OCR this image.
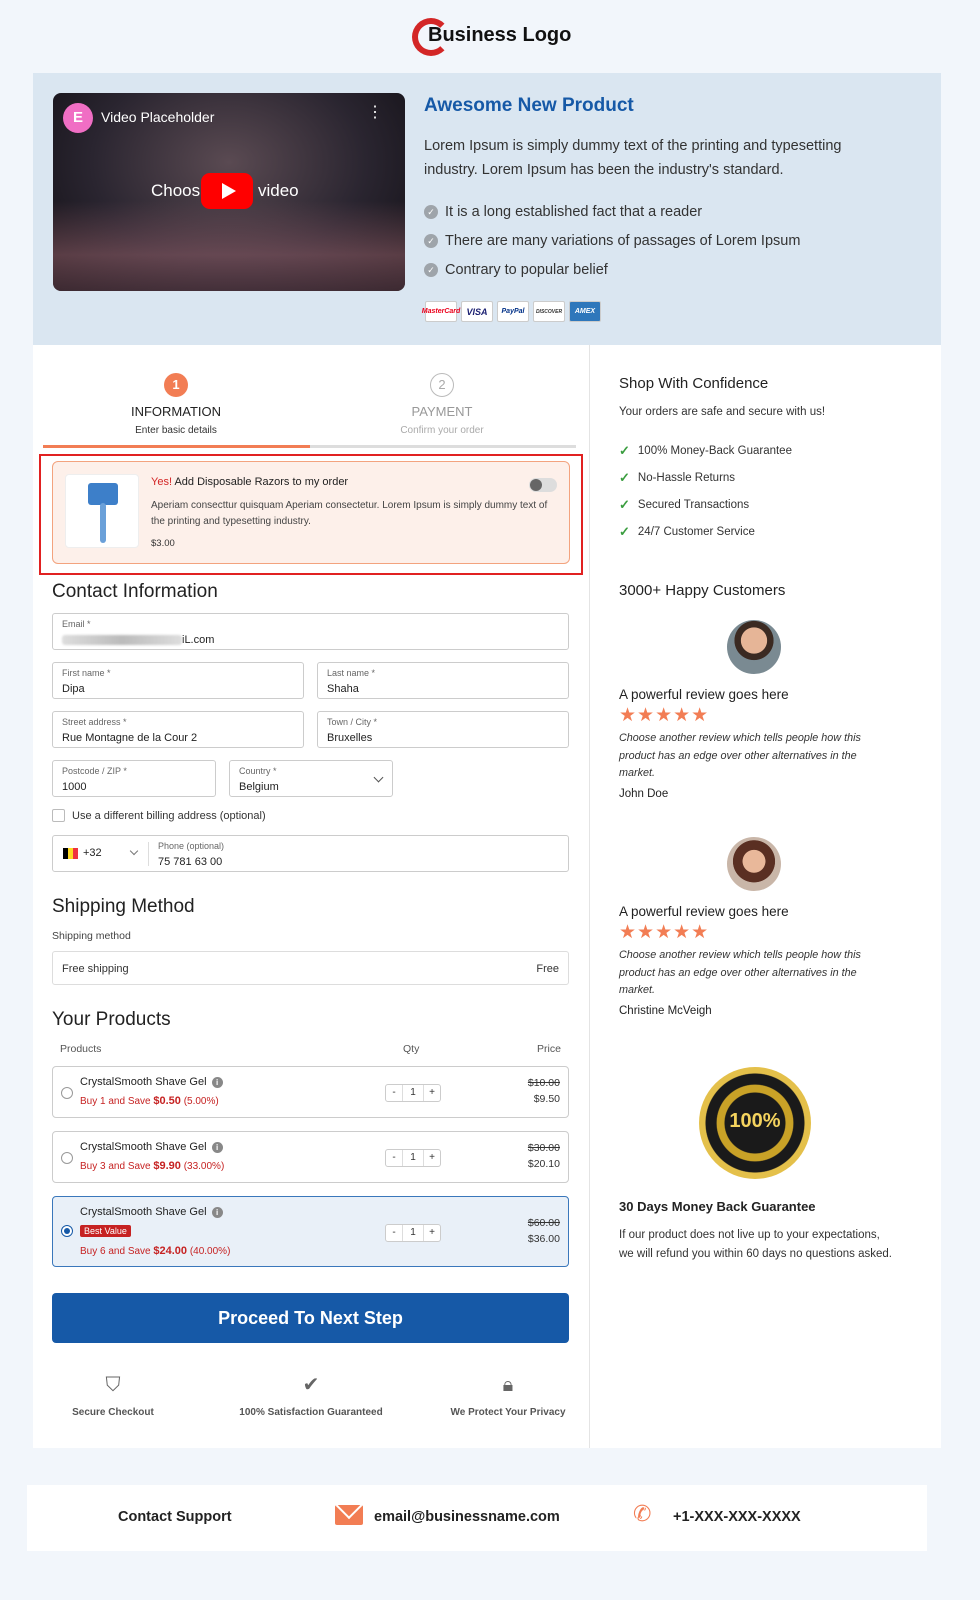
Business Logo
E	Video Placeholder	⋮
Choos	video
Awesome New Product
Lorem Ipsum is simply dummy text of the printing and typesetting industry. Lorem Ipsum has been the industry's standard.
✓ It is a long established fact that a reader
✓ There are many variations of passages of Lorem Ipsum
✓ Contrary to popular belief
MasterCard VISA	PayPal	DISCOVER	AMEX
1
INFORMATION
Enter basic details
2
PAYMENT
Confirm your order
Yes! Add Disposable Razors to my order
Aperiam consecttur quisquam Aperiam consectetur. Lorem Ipsum is simply dummy text of the printing and typesetting industry.
$3.00
Contact Information
Email *
iL.com
First name *
Dipa
Last name *
Shaha
Street address *
Rue Montagne de la Cour 2
Town / City *
Bruxelles
Postcode / ZIP *
1000
Country *
Belgium
Use a different billing address (optional)
+32
Phone (optional)
75 781 63 00
Shipping Method
Shipping method
Free shipping	Free
Your Products
Products	Qty	Price
CrystalSmooth Shave Gel	i
Buy 1 and Save $0.50 (5.00%)
-	1	+
$10.00
$9.50
CrystalSmooth Shave Gel	i
Buy 3 and Save $9.90 (33.00%)
-	1	+
$30.00
$20.10
CrystalSmooth Shave Gel	i
Best Value
Buy 6 and Save $24.00 (40.00%)
-	1	+
$60.00
$36.00
Proceed To Next Step
⛉
Secure Checkout
✔
100% Satisfaction Guaranteed
🔒︎
We Protect Your Privacy
Shop With Confidence
Your orders are safe and secure with us!
✓ 100% Money-Back Guarantee
✓ No-Hassle Returns
✓ Secured Transactions
✓ 24/7 Customer Service
3000+ Happy Customers
A powerful review goes here
★★★★★
Choose another review which tells people how this product has an edge over other alternatives in the market.
John Doe
A powerful review goes here
★★★★★
Choose another review which tells people how this product has an edge over other alternatives in the market.
Christine McVeigh
100%
30 Days Money Back Guarantee
If our product does not live up to your expectations, we will refund you within 60 days no questions asked.
Contact Support	email@businessname.com	✆ +1-XXX-XXX-XXXX
